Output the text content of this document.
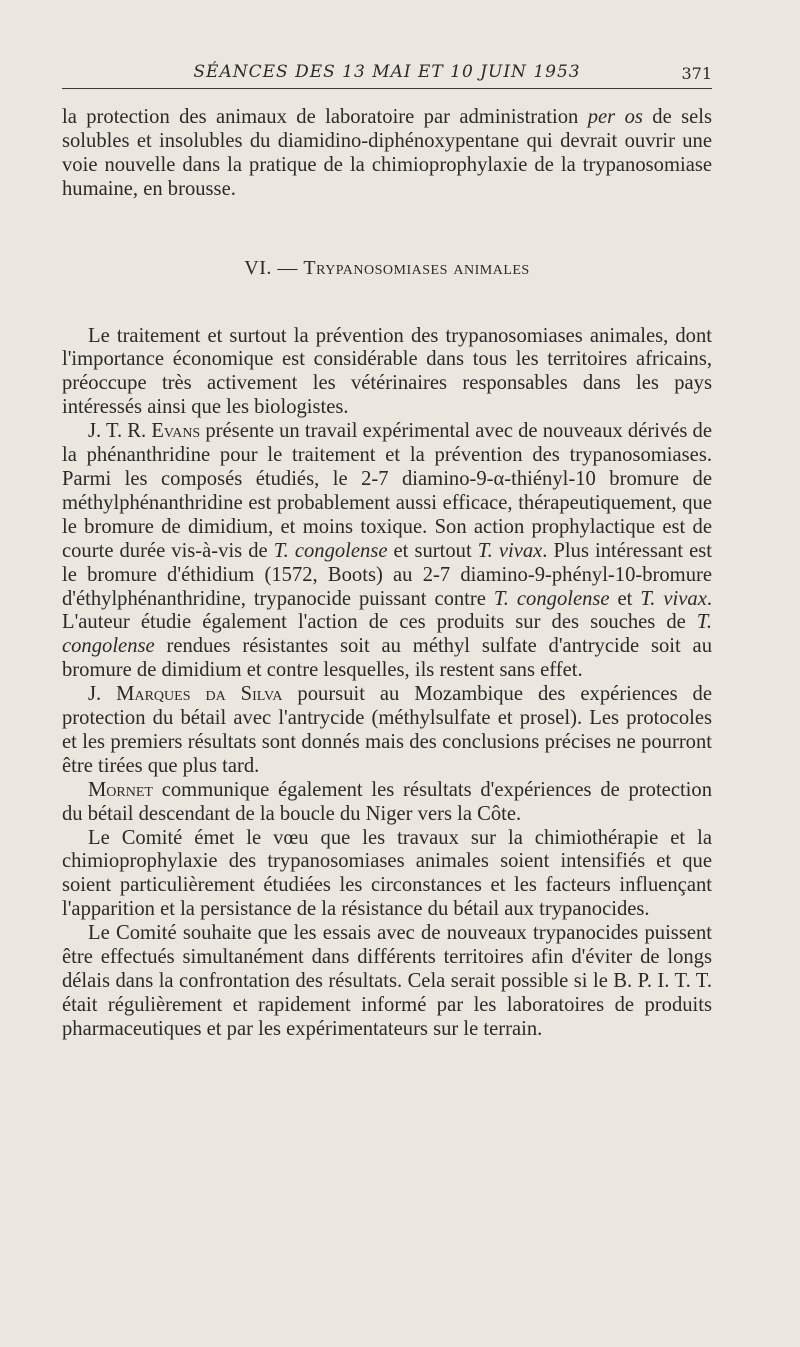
SÉANCES DES 13 MAI ET 10 JUIN 1953	371

la protection des animaux de laboratoire par administration per os de sels solubles et insolubles du diamidino-diphénoxypentane qui devrait ouvrir une voie nouvelle dans la pratique de la chimioprophylaxie de la trypanosomiase humaine, en brousse.

VI. — Trypanosomiases animales

Le traitement et surtout la prévention des trypanosomiases animales, dont l'importance économique est considérable dans tous les territoires africains, préoccupe très activement les vétérinaires responsables dans les pays intéressés ainsi que les biologistes.

J. T. R. Evans présente un travail expérimental avec de nouveaux dérivés de la phénanthridine pour le traitement et la prévention des trypanosomiases. Parmi les composés étudiés, le 2-7 diamino-9-α-thiényl-10 bromure de méthylphénanthridine est probablement aussi efficace, thérapeutiquement, que le bromure de dimidium, et moins toxique. Son action prophylactique est de courte durée vis-à-vis de T. congolense et surtout T. vivax. Plus intéressant est le bromure d'éthidium (1572, Boots) au 2-7 diamino-9-phényl-10-bromure d'éthylphénanthridine, trypanocide puissant contre T. congolense et T. vivax. L'auteur étudie également l'action de ces produits sur des souches de T. congolense rendues résistantes soit au méthyl sulfate d'antrycide soit au bromure de dimidium et contre lesquelles, ils restent sans effet.

J. Marques da Silva poursuit au Mozambique des expériences de protection du bétail avec l'antrycide (méthylsulfate et prosel). Les protocoles et les premiers résultats sont donnés mais des conclusions précises ne pourront être tirées que plus tard.

Mornet communique également les résultats d'expériences de protection du bétail descendant de la boucle du Niger vers la Côte.

Le Comité émet le vœu que les travaux sur la chimiothérapie et la chimioprophylaxie des trypanosomiases animales soient intensifiés et que soient particulièrement étudiées les circonstances et les facteurs influençant l'apparition et la persistance de la résistance du bétail aux trypanocides.

Le Comité souhaite que les essais avec de nouveaux trypanocides puissent être effectués simultanément dans différents territoires afin d'éviter de longs délais dans la confrontation des résultats. Cela serait possible si le B. P. I. T. T. était régulièrement et rapidement informé par les laboratoires de produits pharmaceutiques et par les expérimentateurs sur le terrain.
